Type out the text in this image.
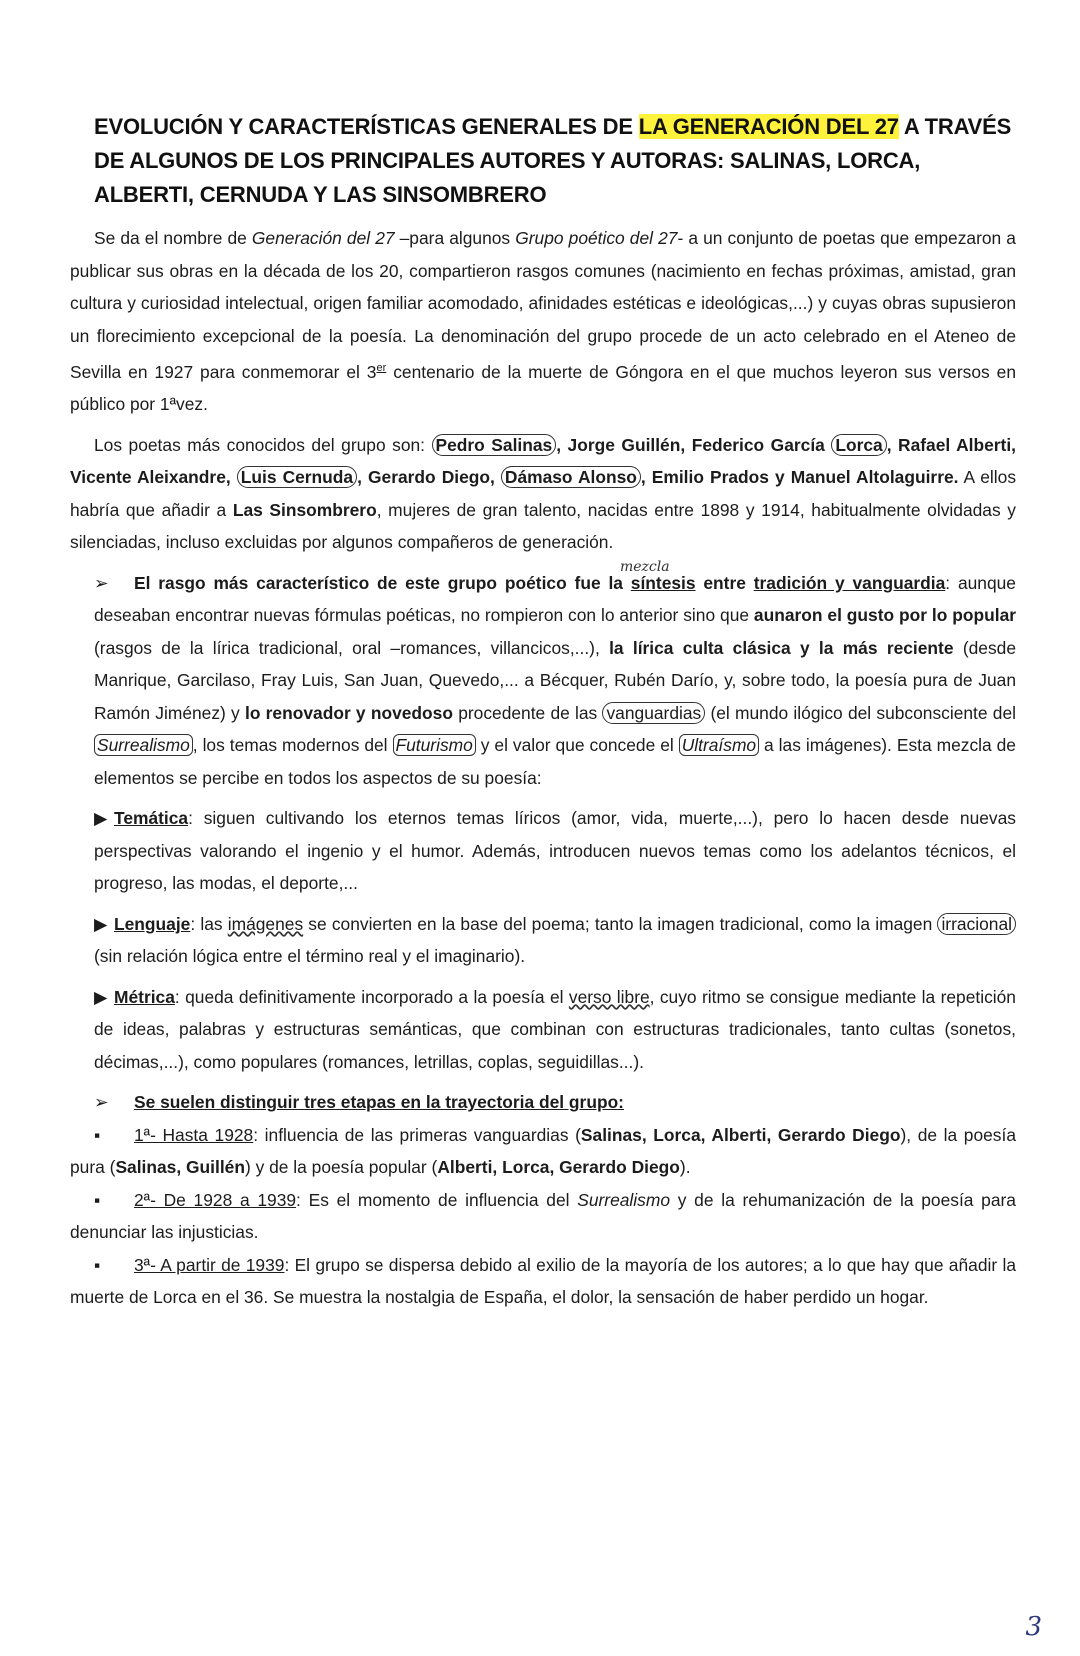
EVOLUCIÓN Y CARACTERÍSTICAS GENERALES DE LA GENERACIÓN DEL 27 A TRAVÉS DE ALGUNOS DE LOS PRINCIPALES AUTORES Y AUTORAS: SALINAS, LORCA, ALBERTI, CERNUDA Y LAS SINSOMBRERO

Se da el nombre de Generación del 27 –para algunos Grupo poético del 27- a un conjunto de poetas que empezaron a publicar sus obras en la década de los 20, compartieron rasgos comunes (nacimiento en fechas próximas, amistad, gran cultura y curiosidad intelectual, origen familiar acomodado, afinidades estéticas e ideológicas,...) y cuyas obras supusieron un florecimiento excepcional de la poesía. La denominación del grupo procede de un acto celebrado en el Ateneo de Sevilla en 1927 para conmemorar el 3er centenario de la muerte de Góngora en el que muchos leyeron sus versos en público por 1ªvez.

Los poetas más conocidos del grupo son: Pedro Salinas , Jorge Guillén, Federico García Lorca , Rafael Alberti, Vicente Aleixandre, Luis Cernuda , Gerardo Diego, Dámaso Alonso , Emilio Prados y Manuel Altolaguirre. A ellos habría que añadir a Las Sinsombrero, mujeres de gran talento, nacidas entre 1898 y 1914, habitualmente olvidadas y silenciadas, incluso excluidas por algunos compañeros de generación.

➢ El rasgo más característico de este grupo poético fue la síntesis entre tradición y vanguardia: aunque deseaban encontrar nuevas fórmulas poéticas, no rompieron con lo anterior sino que aunaron el gusto por lo popular (rasgos de la lírica tradicional, oral –romances, villancicos,...), la lírica culta clásica y la más reciente (desde Manrique, Garcilaso, Fray Luis, San Juan, Quevedo,... a Bécquer, Rubén Darío, y, sobre todo, la poesía pura de Juan Ramón Jiménez) y lo renovador y novedoso procedente de las vanguardias (el mundo ilógico del subconsciente del Surrealismo , los temas modernos del Futurismo y el valor que concede el Ultraísmo a las imágenes). Esta mezcla de elementos se percibe en todos los aspectos de su poesía:
mezcla

▶ Temática: siguen cultivando los eternos temas líricos (amor, vida, muerte,...), pero lo hacen desde nuevas perspectivas valorando el ingenio y el humor. Además, introducen nuevos temas como los adelantos técnicos, el progreso, las modas, el deporte,...

▶ Lenguaje: las imágenes se convierten en la base del poema; tanto la imagen tradicional, como la imagen irracional (sin relación lógica entre el término real y el imaginario).

▶ Métrica: queda definitivamente incorporado a la poesía el verso libre, cuyo ritmo se consigue mediante la repetición de ideas, palabras y estructuras semánticas, que combinan con estructuras tradicionales, tanto cultas (sonetos, décimas,...), como populares (romances, letrillas, coplas, seguidillas...).

➢ Se suelen distinguir tres etapas en la trayectoria del grupo:

▪ 1ª- Hasta 1928: influencia de las primeras vanguardias (Salinas, Lorca, Alberti, Gerardo Diego), de la poesía pura (Salinas, Guillén) y de la poesía popular (Alberti, Lorca, Gerardo Diego).

▪ 2ª- De 1928 a 1939: Es el momento de influencia del Surrealismo y de la rehumanización de la poesía para denunciar las injusticias.

▪ 3ª- A partir de 1939: El grupo se dispersa debido al exilio de la mayoría de los autores; a lo que hay que añadir la muerte de Lorca en el 36. Se muestra la nostalgia de España, el dolor, la sensación de haber perdido un hogar.

3
